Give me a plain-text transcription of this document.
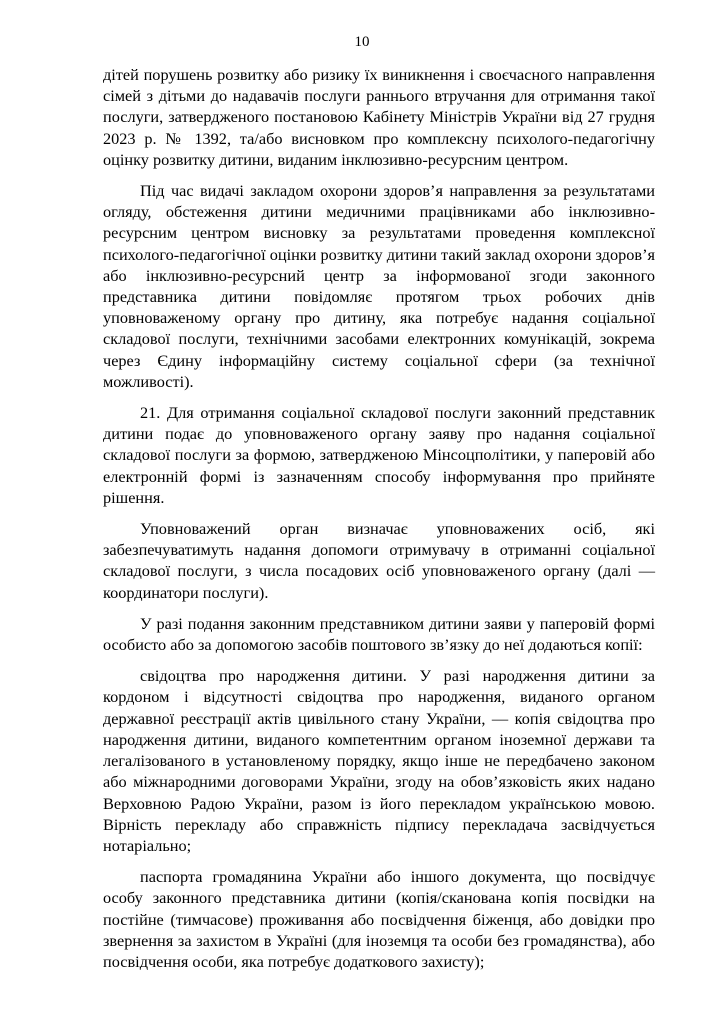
10

дітей порушень розвитку або ризику їх виникнення і своєчасного направлення сімей з дітьми до надавачів послуги раннього втручання для отримання такої послуги, затвердженого постановою Кабінету Міністрів України від 27 грудня 2023 р. № 1392, та/або висновком про комплексну психолого-педагогічну оцінку розвитку дитини, виданим інклюзивно-ресурсним центром.

Під час видачі закладом охорони здоров’я направлення за результатами огляду, обстеження дитини медичними працівниками або інклюзивно-ресурсним центром висновку за результатами проведення комплексної психолого-педагогічної оцінки розвитку дитини такий заклад охорони здоров’я або інклюзивно-ресурсний центр за інформованої згоди законного представника дитини повідомляє протягом трьох робочих днів уповноваженому органу про дитину, яка потребує надання соціальної складової послуги, технічними засобами електронних комунікацій, зокрема через Єдину інформаційну систему соціальної сфери (за технічної можливості).

21. Для отримання соціальної складової послуги законний представник дитини подає до уповноваженого органу заяву про надання соціальної складової послуги за формою, затвердженою Мінсоцполітики, у паперовій або електронній формі із зазначенням способу інформування про прийняте рішення.

Уповноважений орган визначає уповноважених осіб, які забезпечуватимуть надання допомоги отримувачу в отриманні соціальної складової послуги, з числа посадових осіб уповноваженого органу (далі — координатори послуги).

У разі подання законним представником дитини заяви у паперовій формі особисто або за допомогою засобів поштового зв’язку до неї додаються копії:

свідоцтва про народження дитини. У разі народження дитини за кордоном і відсутності свідоцтва про народження, виданого органом державної реєстрації актів цивільного стану України, — копія свідоцтва про народження дитини, виданого компетентним органом іноземної держави та легалізованого в установленому порядку, якщо інше не передбачено законом або міжнародними договорами України, згоду на обов’язковість яких надано Верховною Радою України, разом із його перекладом українською мовою. Вірність перекладу або справжність підпису перекладача засвідчується нотаріально;

паспорта громадянина України або іншого документа, що посвідчує особу законного представника дитини (копія/сканована копія посвідки на постійне (тимчасове) проживання або посвідчення біженця, або довідки про звернення за захистом в Україні (для іноземця та особи без громадянства), або посвідчення особи, яка потребує додаткового захисту);
